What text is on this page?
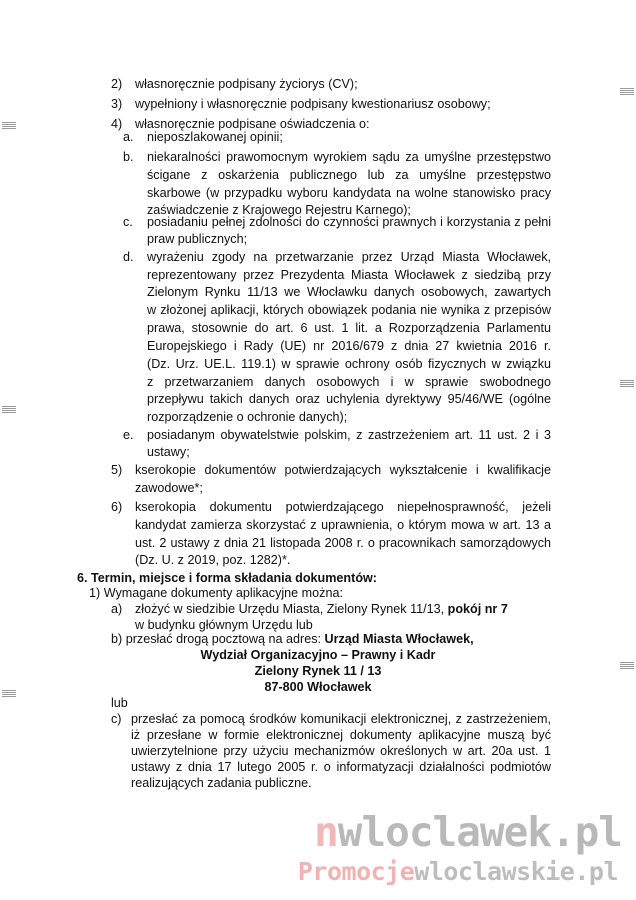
2) własnoręcznie podpisany życiorys (CV);
3) wypełniony i własnoręcznie podpisany kwestionariusz osobowy;
4) własnoręcznie podpisane oświadczenia o:
a. nieposzlakowanej opinii;
b. niekaralności prawomocnym wyrokiem sądu za umyślne przestępstwo
ścigane z oskarżenia publicznego lub za umyślne przestępstwo
skarbowe (w przypadku wyboru kandydata na wolne stanowisko pracy
zaświadczenie z Krajowego Rejestru Karnego);
c. posiadaniu pełnej zdolności do czynności prawnych i korzystania z pełni
praw publicznych;
d. wyrażeniu zgody na przetwarzanie przez Urząd Miasta Włocławek,
reprezentowany przez Prezydenta Miasta Włocławek z siedzibą przy
Zielonym Rynku 11/13 we Włocławku danych osobowych, zawartych
w złożonej aplikacji, których obowiązek podania nie wynika z przepisów
prawa, stosownie do art. 6 ust. 1 lit. a Rozporządzenia Parlamentu
Europejskiego i Rady (UE) nr 2016/679 z dnia 27 kwietnia 2016 r.
(Dz. Urz. UE.L. 119.1) w sprawie ochrony osób fizycznych w związku
z przetwarzaniem danych osobowych i w sprawie swobodnego
przepływu takich danych oraz uchylenia dyrektywy 95/46/WE (ogólne
rozporządzenie o ochronie danych);
e. posiadanym obywatelstwie polskim, z zastrzeżeniem art. 11 ust. 2 i 3
ustawy;
5) kserokopie dokumentów potwierdzających wykształcenie i kwalifikacje
zawodowe*;
6) kserokopia dokumentu potwierdzającego niepełnosprawność, jeżeli
kandydat zamierza skorzystać z uprawnienia, o którym mowa w art. 13 a
ust. 2 ustawy z dnia 21 listopada 2008 r. o pracownikach samorządowych
(Dz. U. z 2019, poz. 1282)*.
6. Termin, miejsce i forma składania dokumentów:
1) Wymagane dokumenty aplikacyjne można:
a) złożyć w siedzibie Urzędu Miasta, Zielony Rynek 11/13, pokój nr 7
w budynku głównym Urzędu lub
b) przesłać drogą pocztową na adres: Urząd Miasta Włocławek,
Wydział Organizacyjno – Prawny i Kadr
Zielony Rynek 11 / 13
87-800 Włocławek
lub
c) przesłać za pomocą środków komunikacji elektronicznej, z zastrzeżeniem,
iż przesłane w formie elektronicznej dokumenty aplikacyjne muszą być
uwierzytelnione przy użyciu mechanizmów określonych w art. 20a ust. 1
ustawy z dnia 17 lutego 2005 r. o informatyzacji działalności podmiotów
realizujących zadania publiczne.
nwloclawek.pl
Promocjewloclawskie.pl
